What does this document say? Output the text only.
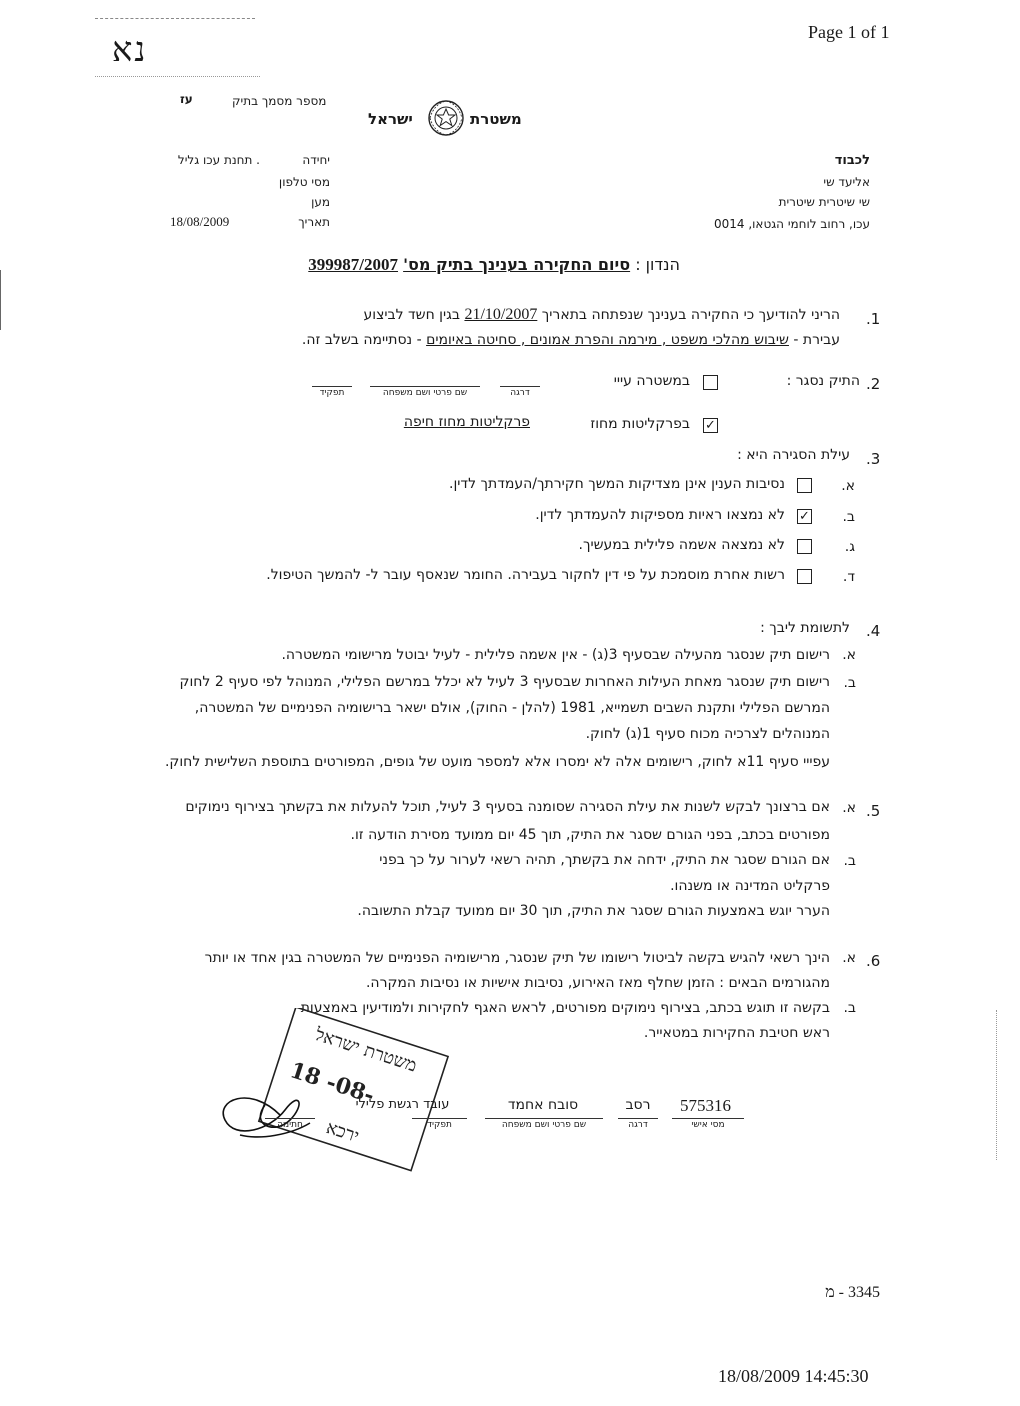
Page 1 of 1
נא
מספר מסמך בתיק
עז
משטרת
ישראל
יחידה
. תחנת עכו גליל
מסי טלפון
מען
תאריך
18/08/2009
לכבוד
אליעד שי
שי שיטרית שיטרית
עכו, רחוב לוחמי הגטאו, 0014
הנדון : סיום החקירה בענינך בתיק מס' 399987/2007
.1
הריני להודיעך כי החקירה בענינך שנפתחה בתאריך 21/10/2007 בגין חשד לביצוע
עבירת - שיבוש מהלכי משפט , מירמה והפרת אמונים , סחיטה באיומים - נסתיימה בשלב זה.
.2
התיק נסגר :
במשטרה עייי
דרגה
שם פרטי ושם משפחה
תפקיד
✓
בפרקליטות מחוז
פרקליטות מחוז חיפה
.3
עילת הסגירה היא :
א.
נסיבות הענין אינן מצדיקות המשך חקירתך/העמדתך לדין.
ב.
✓
לא נמצאו ראיות מספיקות להעמדתך לדין.
ג.
לא נמצאה אשמה פלילית במעשיך.
ד.
רשות אחרת מוסמכת על פי דין לחקור בעבירה. החומר שנאסף עובר ל- להמשך הטיפול.
.4
לתשומת ליבך :
א.
רישום תיק שנסגר מהעילה שבסעיף 3(ג) - אין אשמה פלילית - לעיל יבוטל מרישומי המשטרה.
ב.
רישום תיק שנסגר מאחת העילות האחרות שבסעיף 3 לעיל לא יכלל במרשם הפלילי, המנוהל לפי סעיף 2 לחוק
המרשם הפלילי ותקנת השבים תשמייא, 1981 (להלן - החוק), אולם ישאר ברישומיה הפנימיים של המשטרה,
המנוהלים לצרכיה מכוח סעיף 1(ג) לחוק.
עפייי סעיף 11א לחוק, רישומים אלה לא ימסרו אלא למספר מועט של גופים, המפורטים בתוספת השלישית לחוק.
.5
א.
אם ברצונך לבקש לשנות את עילת הסגירה שסומנה בסעיף 3 לעיל, תוכל להעלות את בקשתך בצירוף נימוקים
מפורטים בכתב, בפני הגורם שסגר את התיק, תוך 45 יום ממועד מסירת הודעה זו.
ב.
אם הגורם שסגר את התיק, ידחה את בקשתך, תהיה רשאי לערור על כך בפני
פרקליט המדינה או משנהו.
הערר יוגש באמצעות הגורם שסגר את התיק, תוך 30 יום ממועד קבלת התשובה.
.6
א.
הינך רשאי להגיש בקשה לביטול רישומו של תיק שנסגר, מרישומיה הפנימיים של המשטרה בגין אחד או יותר
מהגורמים הבאים : הזמן שחלף מאז האירוע, נסיבות אישיות או נסיבות המקרה.
ב.
בקשה זו תוגש בכתב, בצירוף נימוקים מפורטים, לראש האגף לחקירות ולמודיעין באמצעות
ראש חטיבת החקירות במטאייר.
משטרת ישראל
18 -08-
ירכא
575316
מסי אישי
רסב
דרגה
סובח אחמד
שם פרטי ושם משפחה
עובד רגשת פלילי
תפקיד
חתימה
3345 - מ
18/08/2009 14:45:30
